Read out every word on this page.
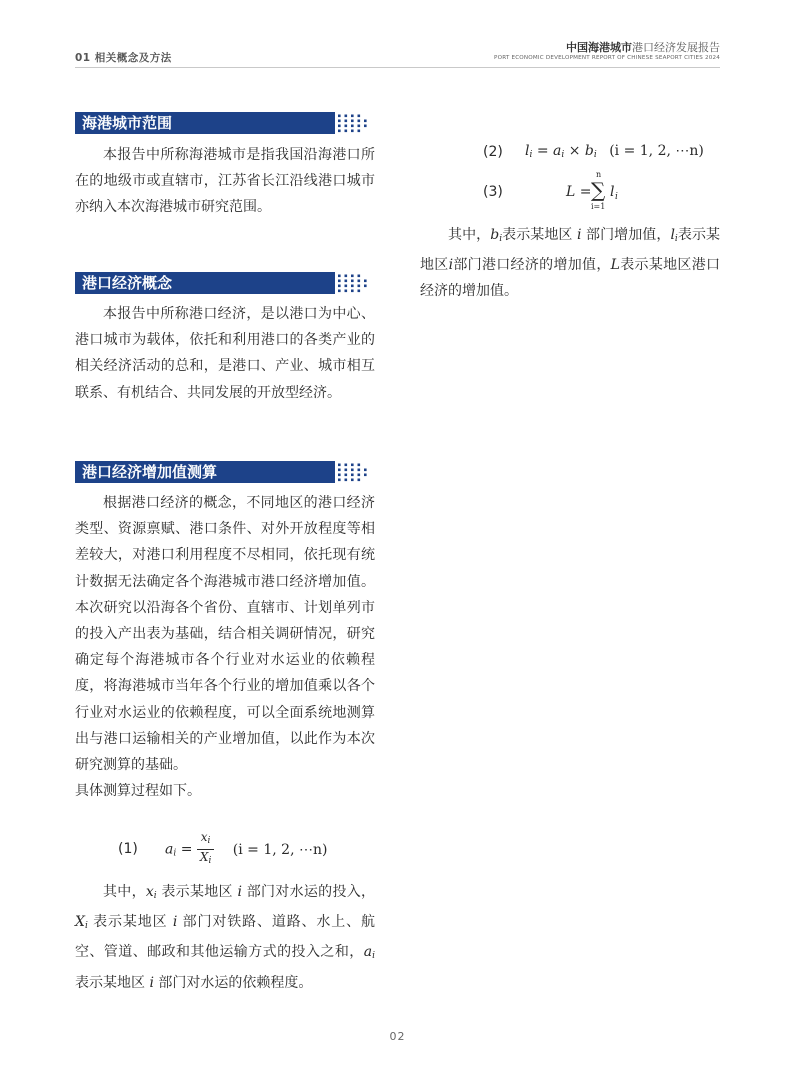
01 相关概念及方法
中国海港城市港口经济发展报告
PORT ECONOMIC DEVELOPMENT REPORT OF CHINESE SEAPORT CITIES 2024
海港城市范围

本报告中所称海港城市是指我国沿海港口所在的地级市或直辖市，江苏省长江沿线港口城市亦纳入本次海港城市研究范围。

港口经济概念

本报告中所称港口经济，是以港口为中心、港口城市为载体，依托和利用港口的各类产业的相关经济活动的总和，是港口、产业、城市相互联系、有机结合、共同发展的开放型经济。

港口经济增加值测算

根据港口经济的概念，不同地区的港口经济类型、资源禀赋、港口条件、对外开放程度等相差较大，对港口利用程度不尽相同，依托现有统计数据无法确定各个海港城市港口经济增加值。本次研究以沿海各个省份、直辖市、计划单列市的投入产出表为基础，结合相关调研情况，研究确定每个海港城市各个行业对水运业的依赖程度，将海港城市当年各个行业的增加值乘以各个行业对水运业的依赖程度，可以全面系统地测算出与港口运输相关的产业增加值，以此作为本次研究测算的基础。

具体测算过程如下。

(1) $a_i = \frac{x_i}{X_i} (i = 1$, 2, ⋯n)

其中，$x_i$ 表示某地区 i 部门对水运的投入，$X_i$ 表示某地区 i 部门对铁路、道路、水上、航空、管道、邮政和其他运输方式的投入之和，$a_i$ 表示某地区 i 部门对水运的依赖程度。

(2) $l_i = a_i \times b_i$ (i = 1, 2, ⋯n)
(3)	L =
n
∑
i=1
l i

其中，$b_i$表示某地区 i 部门增加值，$l_i$表示某地区i部门港口经济的增加值，L表示某地区港口经济的增加值。

02
